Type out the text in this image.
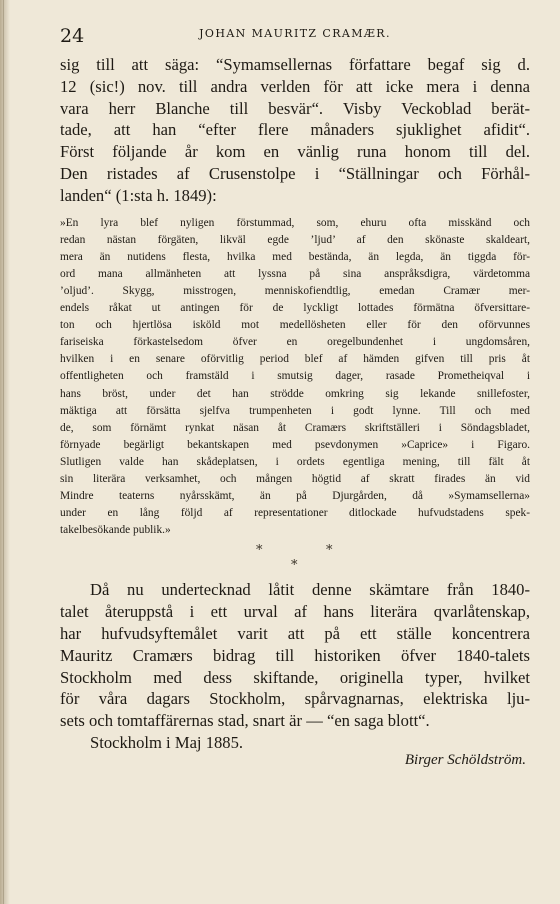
24	JOHAN MAURITZ CRAMÆR.

sig till att säga: “Symamsellernas författare begaf sig d.
12 (sic!) nov. till andra verlden för att icke mera i denna
vara herr Blanche till besvär“. Visby Veckoblad berät-
tade, att han “efter flere månaders sjuklighet afidit“.
Först följande år kom en vänlig runa honom till del.
Den ristades af Crusenstolpe i “Ställningar och Förhål-
landen“ (1:sta h. 1849):

»En lyra blef nyligen förstummad, som, ehuru ofta misskänd och
redan nästan förgäten, likväl egde ’ljud’ af den skönaste skaldeart,
mera än nutidens flesta, hvilka med bestända, än legda, än tiggda för-
ord mana allmänheten att lyssna på sina anspråksdigra, värdetomma
’oljud’. Skygg, misstrogen, menniskofiendtlig, emedan Cramær mer-
endels råkat ut antingen för de lyckligt lottades förmätna öfversittare-
ton och hjertlösa isköld mot medellösheten eller för den oförvunnes
fariseiska förkastelsedom öfver en oregelbundenhet i ungdomsåren,
hvilken i en senare oförvitlig period blef af hämden gifven till pris åt
offentligheten och framstäld i smutsig dager, rasade Prometheiqval i
hans bröst, under det han strödde omkring sig lekande snillefoster,
mäktiga att försätta sjelfva trumpenheten i godt lynne. Till och med
de, som förnämt rynkat näsan åt Cramærs skriftställeri i Söndagsbladet,
förnyade begärligt bekantskapen med psevdonymen »Caprice» i Figaro.
Slutligen valde han skådeplatsen, i ordets egentliga mening, till fält åt
sin literära verksamhet, och mången högtid af skratt firades än vid
Mindre teaterns nyårsskämt, än på Djurgården, då »Symamsellerna»
under en lång följd af representationer ditlockade hufvudstadens spek-
takelbesökande publik.»
*	*
*

Då nu undertecknad låtit denne skämtare från 1840-
talet återuppstå i ett urval af hans literära qvarlåtenskap,
har hufvudsyftemålet varit att på ett ställe koncentrera
Mauritz Cramærs bidrag till historiken öfver 1840-talets
Stockholm med dess skiftande, originella typer, hvilket
för våra dagars Stockholm, spårvagnarnas, elektriska lju-
sets och tomtaffärernas stad, snart är — “en saga blott“.

Stockholm i Maj 1885.
Birger Schöldström.
